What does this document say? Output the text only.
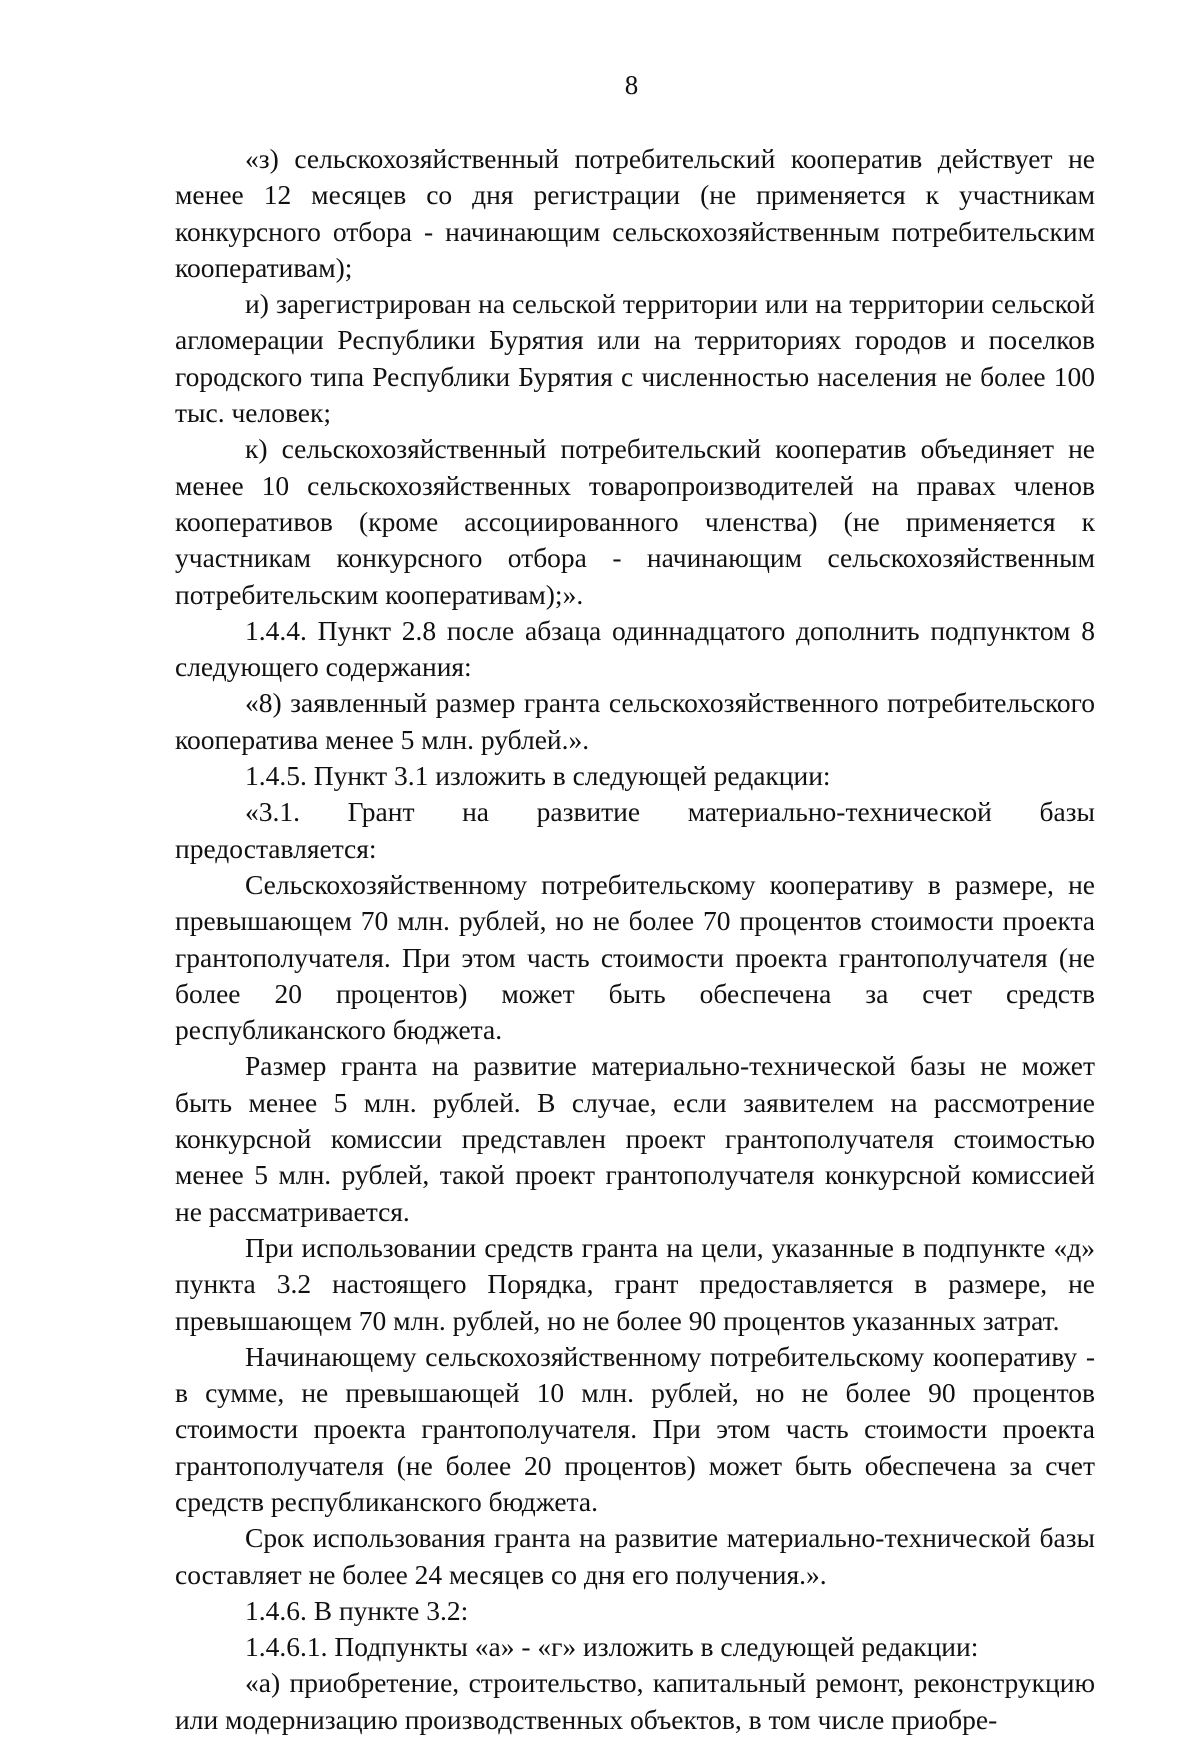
8

«з) сельскохозяйственный потребительский кооператив действует не менее 12 месяцев со дня регистрации (не применяется к участникам конкурсного отбора - начинающим сельскохозяйственным потребительским кооперативам);

и) зарегистрирован на сельской территории или на территории сельской агломерации Республики Бурятия или на территориях городов и поселков городского типа Республики Бурятия с численностью населения не более 100 тыс. человек;

к) сельскохозяйственный потребительский кооператив объединяет не менее 10 сельскохозяйственных товаропроизводителей на правах членов кооперативов (кроме ассоциированного членства) (не применяется к участникам конкурсного отбора - начинающим сельскохозяйственным потребительским кооперативам);».

1.4.4. Пункт 2.8 после абзаца одиннадцатого дополнить подпунктом 8 следующего содержания:

«8) заявленный размер гранта сельскохозяйственного потребительского кооператива менее 5 млн. рублей.».

1.4.5. Пункт 3.1 изложить в следующей редакции:

«3.1. Грант на развитие материально-технической базы предоставляется:

Сельскохозяйственному потребительскому кооперативу в размере, не превышающем 70 млн. рублей, но не более 70 процентов стоимости проекта грантополучателя. При этом часть стоимости проекта грантополучателя (не более 20 процентов) может быть обеспечена за счет средств республиканского бюджета.

Размер гранта на развитие материально-технической базы не может быть менее 5 млн. рублей. В случае, если заявителем на рассмотрение конкурсной комиссии представлен проект грантополучателя стоимостью менее 5 млн. рублей, такой проект грантополучателя конкурсной комиссией не рассматривается.

При использовании средств гранта на цели, указанные в подпункте «д» пункта 3.2 настоящего Порядка, грант предоставляется в размере, не превышающем 70 млн. рублей, но не более 90 процентов указанных затрат.

Начинающему сельскохозяйственному потребительскому кооперативу - в сумме, не превышающей 10 млн. рублей, но не более 90 процентов стоимости проекта грантополучателя. При этом часть стоимости проекта грантополучателя (не более 20 процентов) может быть обеспечена за счет средств республиканского бюджета.

Срок использования гранта на развитие материально-технической базы составляет не более 24 месяцев со дня его получения.».

1.4.6. В пункте 3.2:

1.4.6.1. Подпункты «а» - «г» изложить в следующей редакции:

«а) приобретение, строительство, капитальный ремонт, реконструкцию или модернизацию производственных объектов, в том числе приобре-
